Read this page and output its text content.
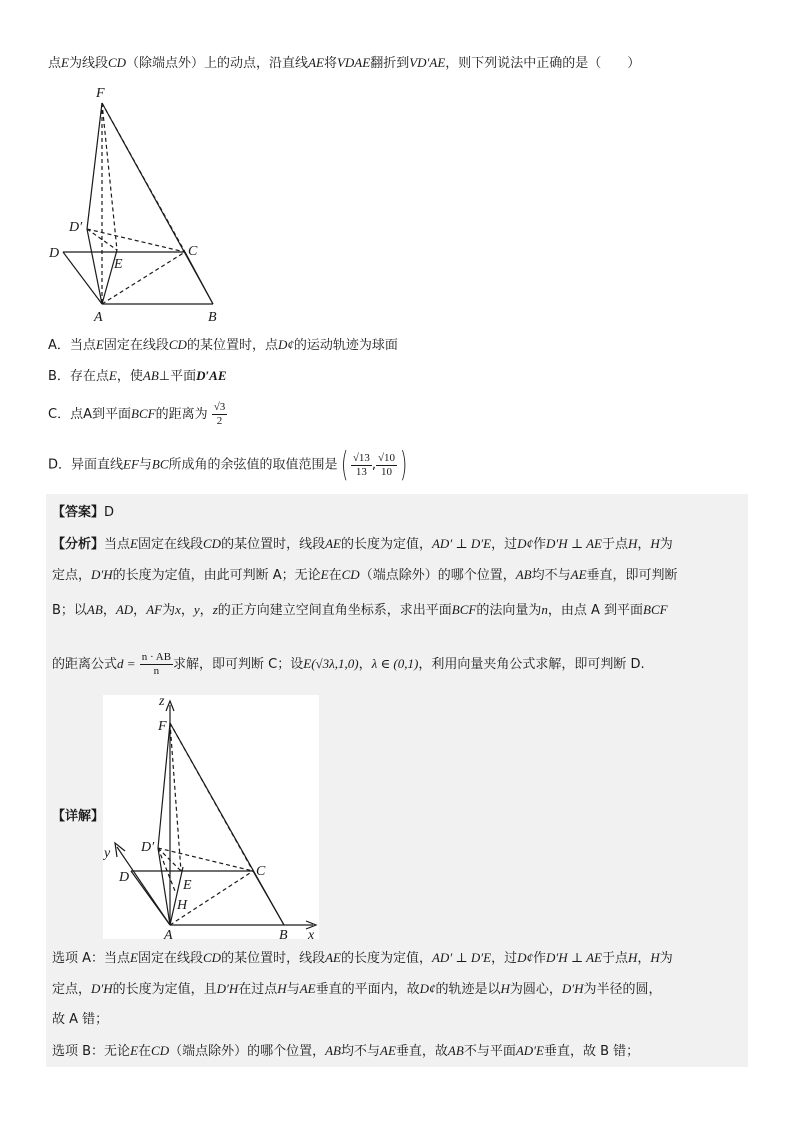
点E为线段CD（除端点外）上的动点，沿直线AE将VDAE翻折到VD′AE，则下列说法中正确的是（　　）
F
D′
D	C
E
A	B
A．当点E固定在线段CD的某位置时，点D¢的运动轨迹为球面
B．存在点E，使AB⊥平面D′AE
C．点A到平面BCF的距离为 $\frac{√3}{2}$
D．异面直线EF与BC所成角的余弦值的取值范围是( $\frac{√13}{13}$ , $\frac{√10}{10}$ )
【答案】D
【分析】当点E固定在线段CD的某位置时，线段AE的长度为定值，AD′ ⊥ D′E，过D¢作D′H ⊥ AE于点H，H为
定点，D′H的长度为定值，由此可判断 A；无论E在CD（端点除外）的哪个位置，AB均不与AE垂直，即可判断
B；以AB，AD，AF为x，y，z的正方向建立空间直角坐标系，求出平面BCF的法向量为n，由点 A 到平面BCF
的距离公式$d = \frac{n \cdot AB}{n}$ 求解，即可判断 C；设E(√3λ,1,0)，λ ∈ (0,1)，利用向量夹角公式求解，即可判断 D.
z
F
y D′
D	C
E
H
A	B x
【详解】
选项 A：当点E固定在线段CD的某位置时，线段AE的长度为定值，AD′ ⊥ D′E，过D¢作D′H ⊥ AE于点H，H为
定点，D′H的长度为定值，且D′H在过点H与AE垂直的平面内，故D¢的轨迹是以H为圆心，D′H为半径的圆，
故 A 错；
选项 B：无论E在CD（端点除外）的哪个位置，AB均不与AE垂直，故AB不与平面AD′E垂直，故 B 错；
